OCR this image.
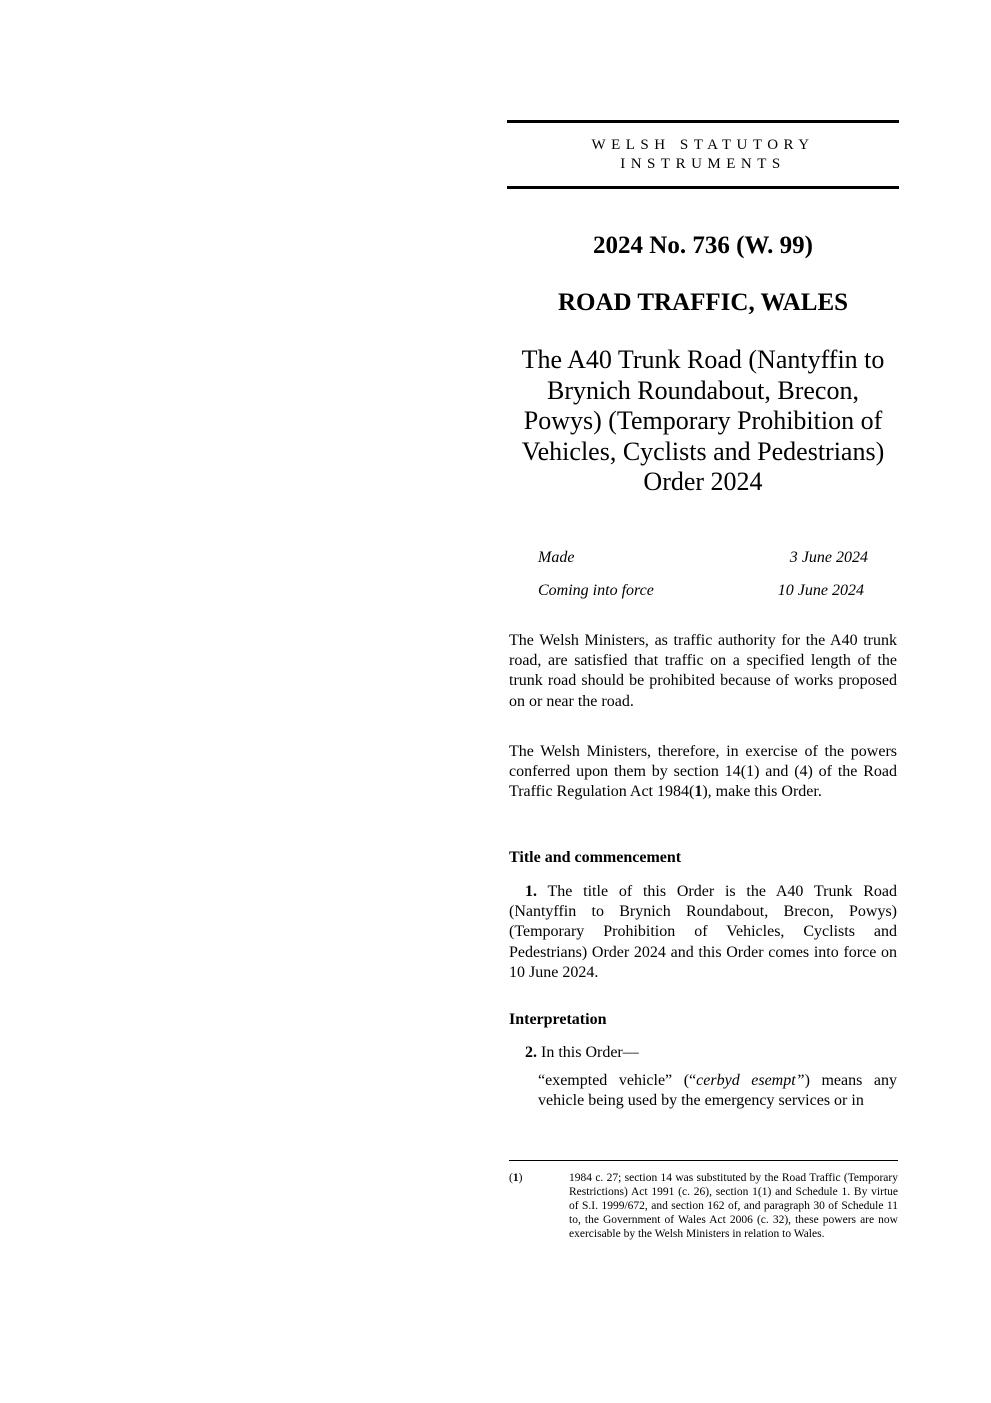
WELSH STATUTORY
INSTRUMENTS
2024 No. 736 (W. 99)
ROAD TRAFFIC, WALES
The A40 Trunk Road (Nantyffin to
Brynich Roundabout, Brecon,
Powys) (Temporary Prohibition of
Vehicles, Cyclists and Pedestrians)
Order 2024
Made	3 June 2024
Coming into force	10 June 2024

The Welsh Ministers, as traffic authority for the A40 trunk road, are satisfied that traffic on a specified length of the trunk road should be prohibited because of works proposed on or near the road.

The Welsh Ministers, therefore, in exercise of the powers conferred upon them by section 14(1) and (4) of the Road Traffic Regulation Act 1984(1), make this Order.

Title and commencement

1. The title of this Order is the A40 Trunk Road (Nantyffin to Brynich Roundabout, Brecon, Powys) (Temporary Prohibition of Vehicles, Cyclists and Pedestrians) Order 2024 and this Order comes into force on 10 June 2024.

Interpretation

2. In this Order—

“exempted vehicle” (“cerbyd esempt”) means any vehicle being used by the emergency services or in
(1)	1984 c. 27; section 14 was substituted by the Road Traffic (Temporary Restrictions) Act 1991 (c. 26), section 1(1) and Schedule 1. By virtue of S.I. 1999/672, and section 162 of, and paragraph 30 of Schedule 11 to, the Government of Wales Act 2006 (c. 32), these powers are now exercisable by the Welsh Ministers in relation to Wales.
